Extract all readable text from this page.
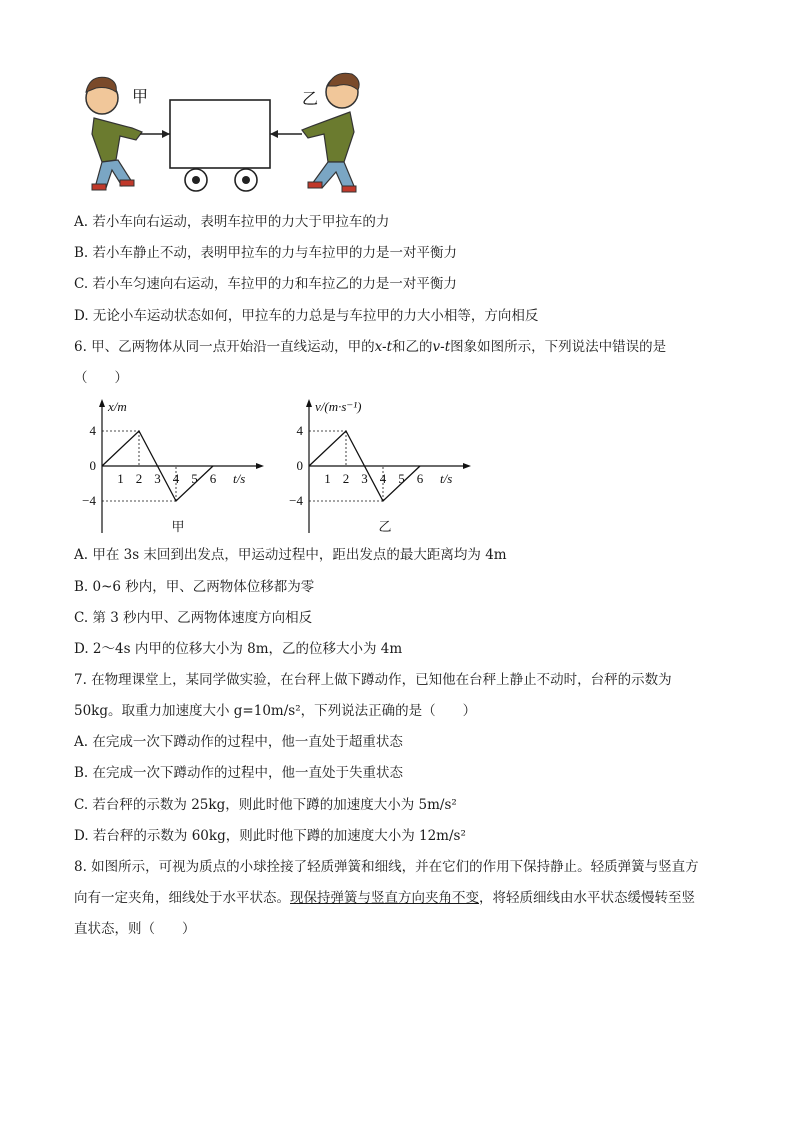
甲	乙
A. 若小车向右运动，表明车拉甲的力大于甲拉车的力
B. 若小车静止不动，表明甲拉车的力与车拉甲的力是一对平衡力
C. 若小车匀速向右运动，车拉甲的力和车拉乙的力是一对平衡力
D. 无论小车运动状态如何，甲拉车的力总是与车拉甲的力大小相等，方向相反
6. 甲、乙两物体从同一点开始沿一直线运动，甲的x-t和乙的v-t图象如图所示，下列说法中错误的是
（　　）
4
0
−4
1 2 3 4 5 6
x/m
t/s
甲
4
0
−4
1 2 3 4 5 6
v/(m·s⁻¹)
t/s
乙
A. 甲在 3s 末回到出发点，甲运动过程中，距出发点的最大距离均为 4m
B. 0~6 秒内，甲、乙两物体位移都为零
C. 第 3 秒内甲、乙两物体速度方向相反
D. 2～4s 内甲的位移大小为 8m，乙的位移大小为 4m
7. 在物理课堂上，某同学做实验，在台秤上做下蹲动作，已知他在台秤上静止不动时，台秤的示数为
50kg。取重力加速度大小 g=10m/s²，下列说法正确的是（　　）
A. 在完成一次下蹲动作的过程中，他一直处于超重状态
B. 在完成一次下蹲动作的过程中，他一直处于失重状态
C. 若台秤的示数为 25kg，则此时他下蹲的加速度大小为 5m/s²
D. 若台秤的示数为 60kg，则此时他下蹲的加速度大小为 12m/s²
8. 如图所示，可视为质点的小球拴接了轻质弹簧和细线，并在它们的作用下保持静止。轻质弹簧与竖直方
向有一定夹角，细线处于水平状态。现保持弹簧与竖直方向夹角不变，将轻质细线由水平状态缓慢转至竖
直状态，则（　　）
